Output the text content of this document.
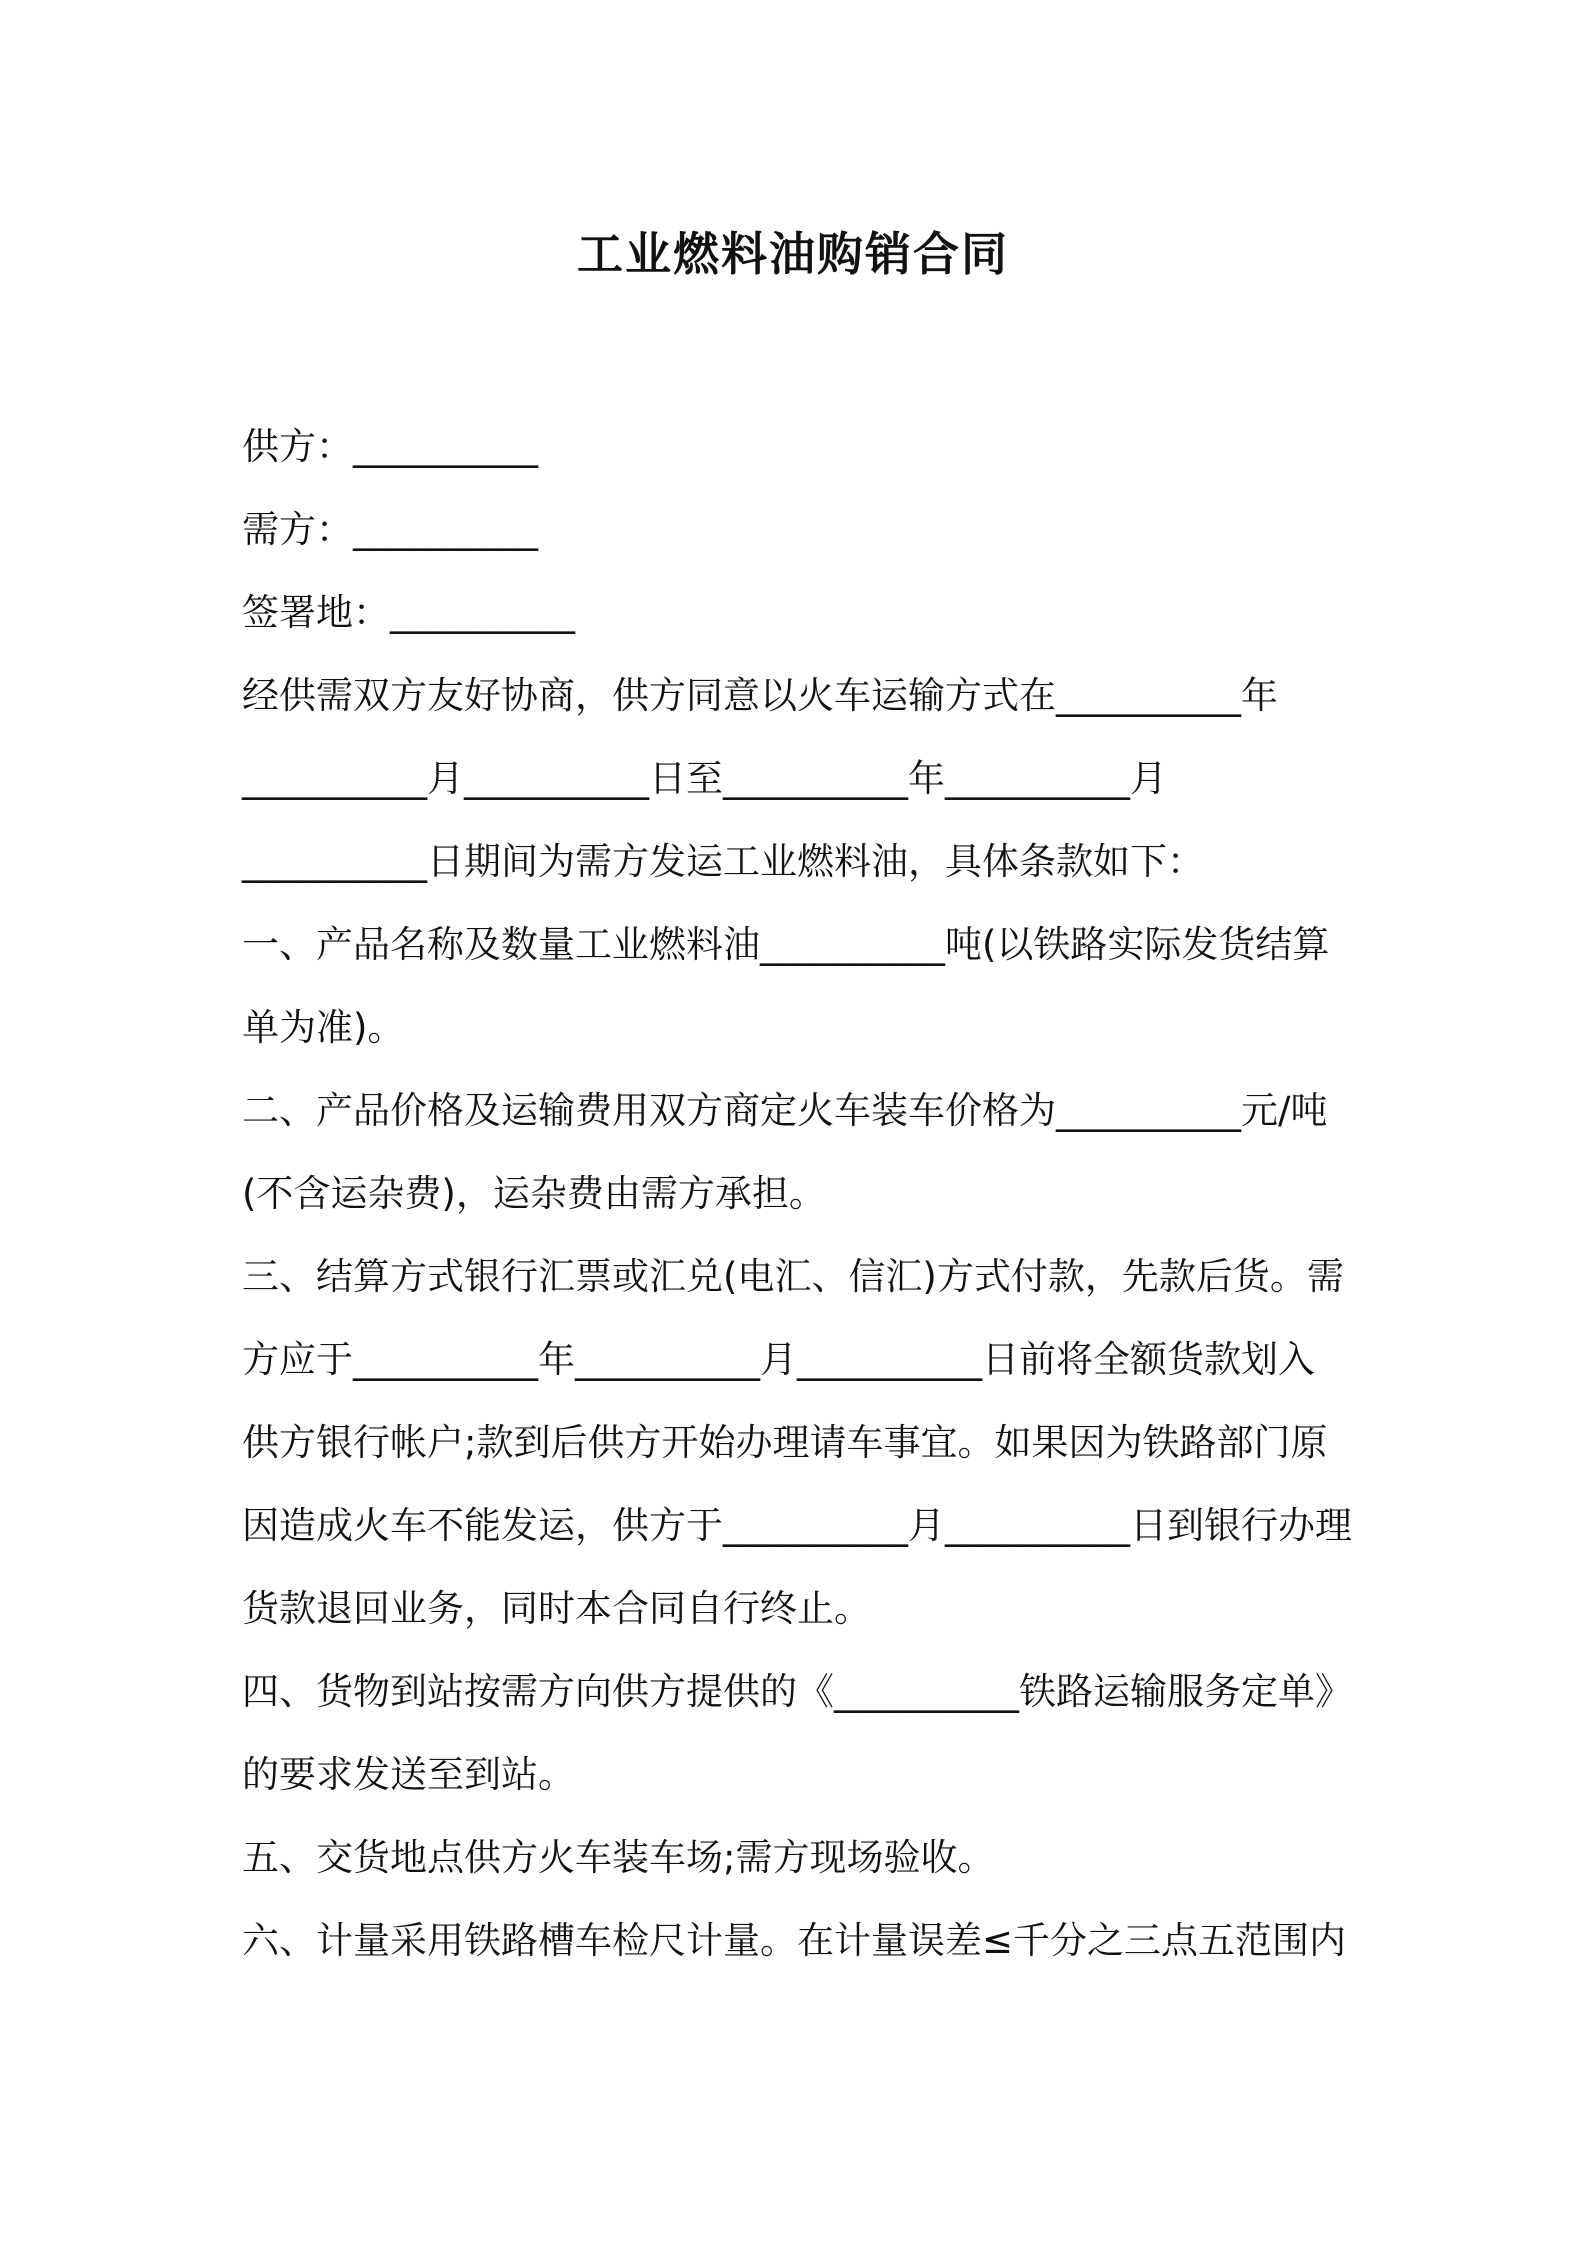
工业燃料油购销合同
供方：__________
需方：__________
签署地：__________
经供需双方友好协商，供方同意以火车运输方式在__________年
__________月__________日至__________年__________月
__________日期间为需方发运工业燃料油，具体条款如下：
一、产品名称及数量工业燃料油__________吨(以铁路实际发货结算
单为准)。
二、产品价格及运输费用双方商定火车装车价格为__________元/吨
(不含运杂费)，运杂费由需方承担。
三、结算方式银行汇票或汇兑(电汇、信汇)方式付款，先款后货。需
方应于__________年__________月__________日前将全额货款划入
供方银行帐户;款到后供方开始办理请车事宜。如果因为铁路部门原
因造成火车不能发运，供方于__________月__________日到银行办理
货款退回业务，同时本合同自行终止。
四、货物到站按需方向供方提供的《__________铁路运输服务定单》
的要求发送至到站。
五、交货地点供方火车装车场;需方现场验收。
六、计量采用铁路槽车检尺计量。在计量误差≤千分之三点五范围内
